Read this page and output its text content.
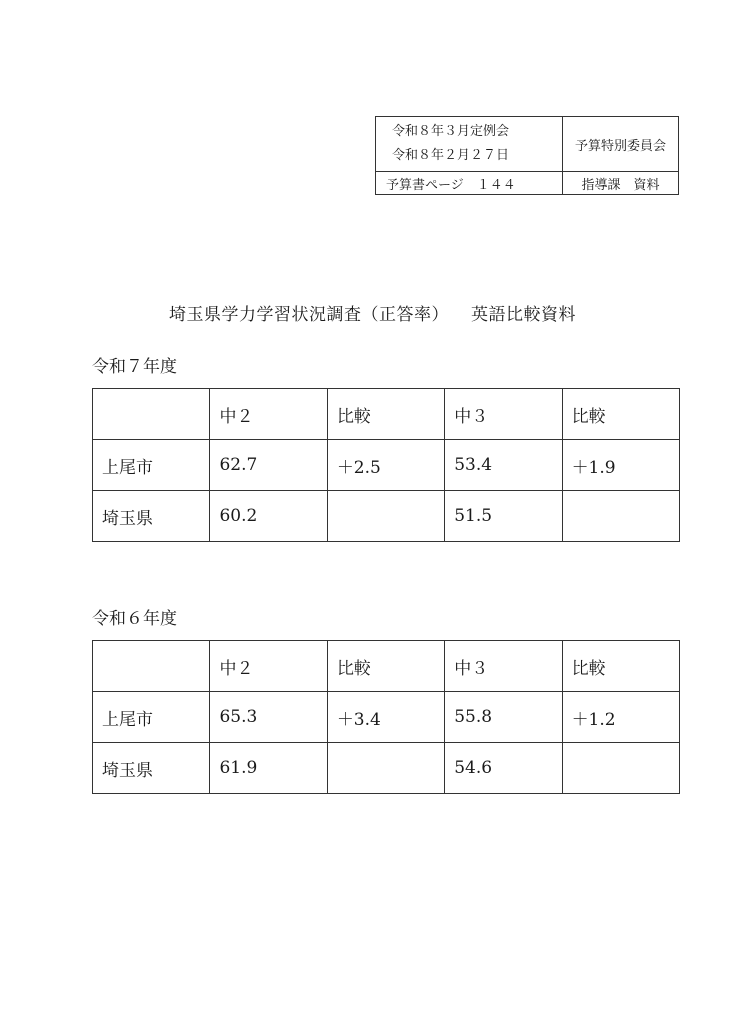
令和８年３月定例会
令和８年２月２７日	予算特別委員会
予算書ページ　１４４	指導課　資料
埼玉県学力学習状況調査（正答率） 英語比較資料
令和７年度
	中２	比較	中３	比較
上尾市	62.7	＋2.5	53.4	＋1.9
埼玉県	60.2		51.5	
令和６年度
	中２	比較	中３	比較
上尾市	65.3	＋3.4	55.8	＋1.2
埼玉県	61.9		54.6	
